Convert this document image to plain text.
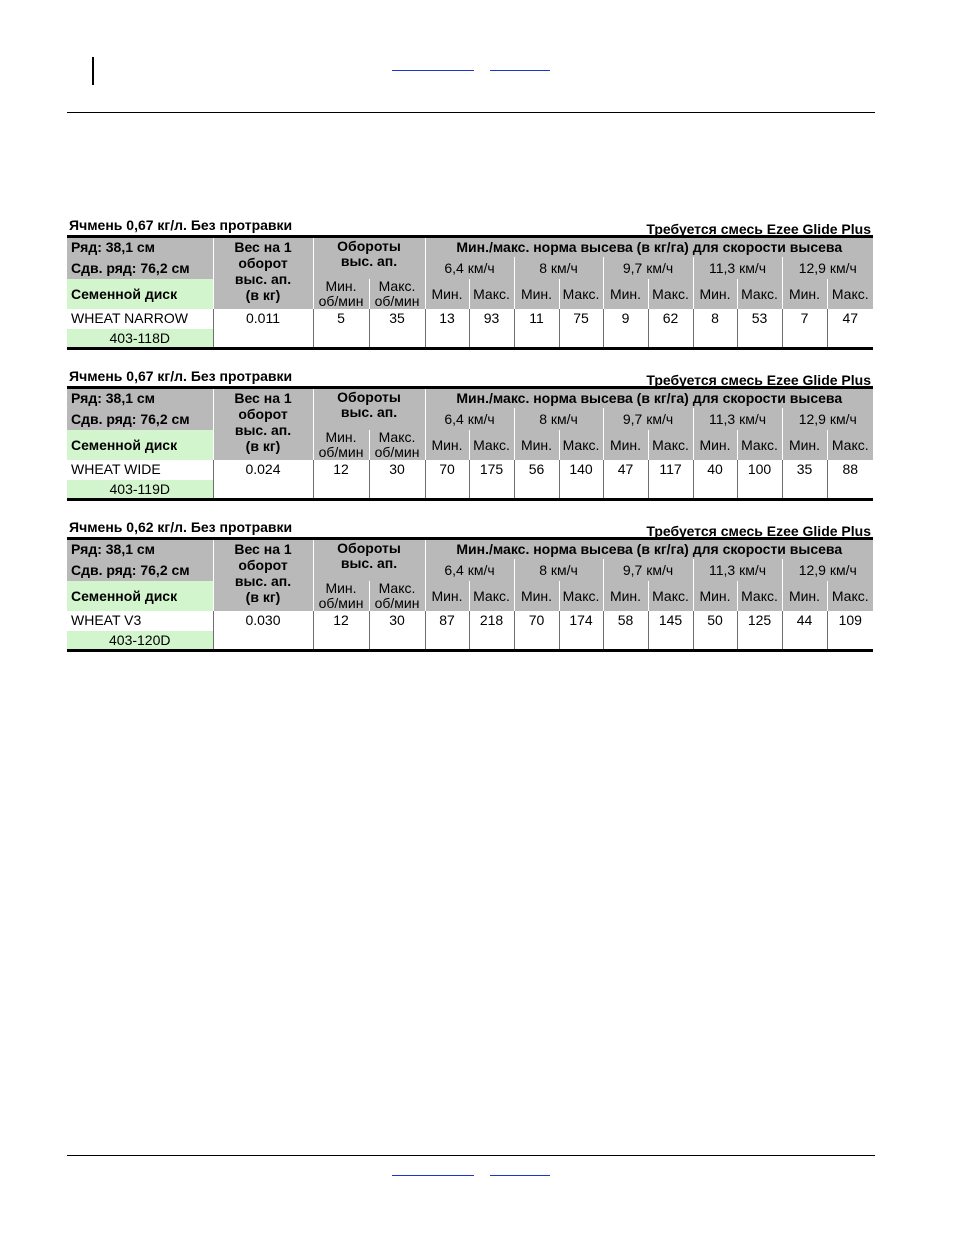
Ячмень 0,67 кг/л. Без протравки	Требуется смесь Ezee Glide Plus
Ряд: 38,1 см	Вес на 1
оборот
выс. ап.
(в кг)	Обороты
выс. ап.		Мин./макс. норма высева (в кг/га) для скорости высева									
Сдв. ряд: 76,2 см				6,4 км/ч		8 км/ч		9,7 км/ч		11,3 км/ч		12,9 км/ч	
Семенной диск		Мин.
об/мин	Макс.
об/мин	Мин.	Макс.	Мин.	Макс.	Мин.	Макс.	Мин.	Макс.	Мин.	Макс.

WHEAT NARROW	0.011	5	35	13	93	11	75	9	62	8	53	7	47
403-118D													
Ячмень 0,67 кг/л. Без протравки	Требуется смесь Ezee Glide Plus
Ряд: 38,1 см	Вес на 1
оборот
выс. ап.
(в кг)	Обороты
выс. ап.		Мин./макс. норма высева (в кг/га) для скорости высева									
Сдв. ряд: 76,2 см				6,4 км/ч		8 км/ч		9,7 км/ч		11,3 км/ч		12,9 км/ч	
Семенной диск		Мин.
об/мин	Макс.
об/мин	Мин.	Макс.	Мин.	Макс.	Мин.	Макс.	Мин.	Макс.	Мин.	Макс.

WHEAT WIDE	0.024	12	30	70	175	56	140	47	117	40	100	35	88
403-119D													
Ячмень 0,62 кг/л. Без протравки	Требуется смесь Ezee Glide Plus
Ряд: 38,1 см	Вес на 1
оборот
выс. ап.
(в кг)	Обороты
выс. ап.		Мин./макс. норма высева (в кг/га) для скорости высева									
Сдв. ряд: 76,2 см				6,4 км/ч		8 км/ч		9,7 км/ч		11,3 км/ч		12,9 км/ч	
Семенной диск		Мин.
об/мин	Макс.
об/мин	Мин.	Макс.	Мин.	Макс.	Мин.	Макс.	Мин.	Макс.	Мин.	Макс.

WHEAT V3	0.030	12	30	87	218	70	174	58	145	50	125	44	109
403-120D													
